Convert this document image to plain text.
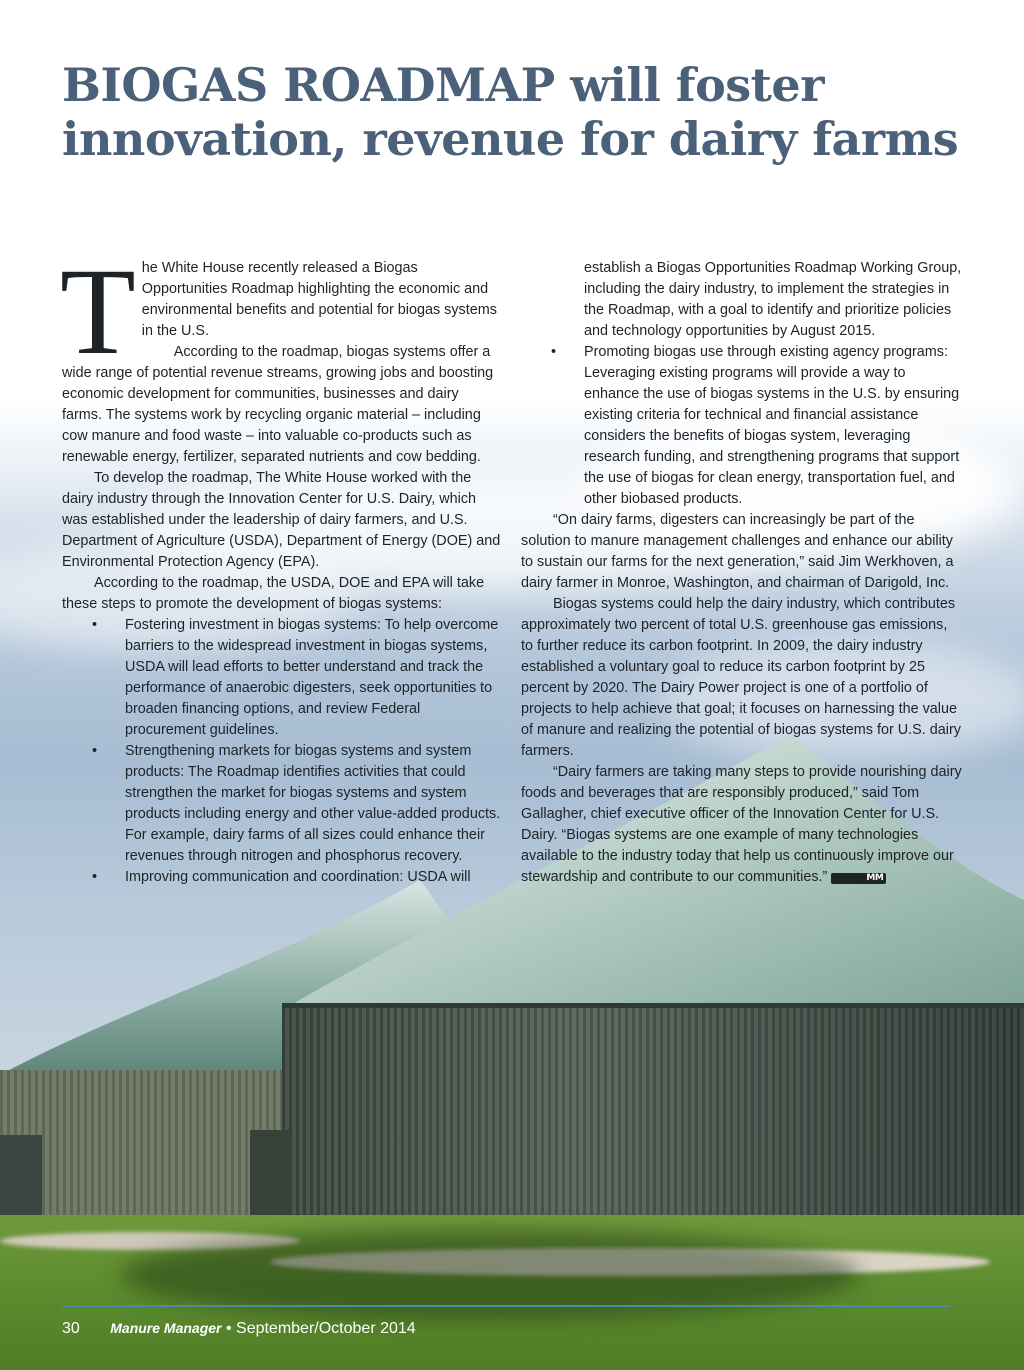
BIOGAS ROADMAP will foster
innovation, revenue for dairy farms

The White House recently released a Biogas Opportunities Roadmap highlighting the economic and environmental benefits and potential for biogas systems in the U.S.

According to the roadmap, biogas systems offer a wide range of potential revenue streams, growing jobs and boosting economic development for communities, businesses and dairy farms. The systems work by recycling organic material – including cow manure and food waste – into valuable co-products such as renewable energy, fertilizer, separated nutrients and cow bedding.

To develop the roadmap, The White House worked with the dairy industry through the Innovation Center for U.S. Dairy, which was established under the leadership of dairy farmers, and U.S. Department of Agriculture (USDA), Department of Energy (DOE) and Environmental Protection Agency (EPA).

According to the roadmap, the USDA, DOE and EPA will take these steps to promote the development of biogas systems:

• Fostering investment in biogas systems: To help overcome barriers to the widespread investment in biogas systems, USDA will lead efforts to better understand and track the performance of anaerobic digesters, seek opportunities to broaden financing options, and review Federal procurement guidelines.
• Strengthening markets for biogas systems and system products: The Roadmap identifies activities that could strengthen the market for biogas systems and system products including energy and other value-added products. For example, dairy farms of all sizes could enhance their revenues through nitrogen and phosphorus recovery.
• Improving communication and coordination: USDA will

establish a Biogas Opportunities Roadmap Working Group, including the dairy industry, to implement the strategies in the Roadmap, with a goal to identify and prioritize policies and technology opportunities by August 2015.

• Promoting biogas use through existing agency programs: Leveraging existing programs will provide a way to enhance the use of biogas systems in the U.S. by ensuring existing criteria for technical and financial assistance considers the benefits of biogas system, leveraging research funding, and strengthening programs that support the use of biogas for clean energy, transportation fuel, and other biobased products.

“On dairy farms, digesters can increasingly be part of the solution to manure management challenges and enhance our ability to sustain our farms for the next generation,” said Jim Werkhoven, a dairy farmer in Monroe, Washington, and chairman of Darigold, Inc.

Biogas systems could help the dairy industry, which contributes approximately two percent of total U.S. greenhouse gas emissions, to further reduce its carbon footprint. In 2009, the dairy industry established a voluntary goal to reduce its carbon footprint by 25 percent by 2020. The Dairy Power project is one of a portfolio of projects to help achieve that goal; it focuses on harnessing the value of manure and realizing the potential of biogas systems for U.S. dairy farmers.

“Dairy farmers are taking many steps to provide nourishing dairy foods and beverages that are responsibly produced,” said Tom Gallagher, chief executive officer of the Innovation Center for U.S. Dairy. “Biogas systems are one example of many technologies available to the industry today that help us continuously improve our stewardship and contribute to our communities.”	MM

30 Manure Manager • September/October 2014
